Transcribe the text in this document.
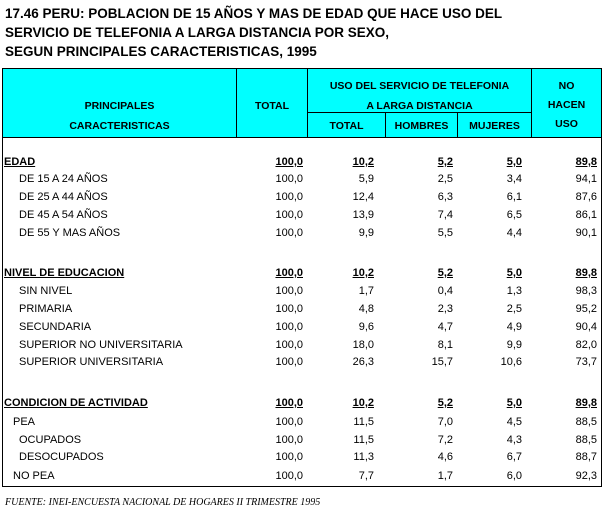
17.46 PERU: POBLACION DE 15 AÑOS Y MAS DE EDAD QUE HACE USO DEL
SERVICIO DE TELEFONIA A LARGA DISTANCIA POR SEXO,
SEGUN PRINCIPALES CARACTERISTICAS, 1995
PRINCIPALES
CARACTERISTICAS
TOTAL
USO DEL SERVICIO DE TELEFONIA
A LARGA DISTANCIA
TOTAL	HOMBRES	MUJERES
NO
HACEN
USO
EDAD	100,0	10,2	5,2	5,0	89,8
DE 15 A 24 AÑOS	100,0	5,9	2,5	3,4	94,1
DE 25 A 44 AÑOS	100,0	12,4	6,3	6,1	87,6
DE 45 A 54 AÑOS	100,0	13,9	7,4	6,5	86,1
DE 55 Y MAS AÑOS	100,0	9,9	5,5	4,4	90,1
NIVEL DE EDUCACION	100,0	10,2	5,2	5,0	89,8
SIN NIVEL	100,0	1,7	0,4	1,3	98,3
PRIMARIA	100,0	4,8	2,3	2,5	95,2
SECUNDARIA	100,0	9,6	4,7	4,9	90,4
SUPERIOR NO UNIVERSITARIA	100,0	18,0	8,1	9,9	82,0
SUPERIOR UNIVERSITARIA	100,0	26,3	15,7	10,6	73,7
CONDICION DE ACTIVIDAD	100,0	10,2	5,2	5,0	89,8
PEA	100,0	11,5	7,0	4,5	88,5
OCUPADOS	100,0	11,5	7,2	4,3	88,5
DESOCUPADOS	100,0	11,3	4,6	6,7	88,7
NO PEA	100,0	7,7	1,7	6,0	92,3
FUENTE: INEI-ENCUESTA NACIONAL DE HOGARES II TRIMESTRE 1995
